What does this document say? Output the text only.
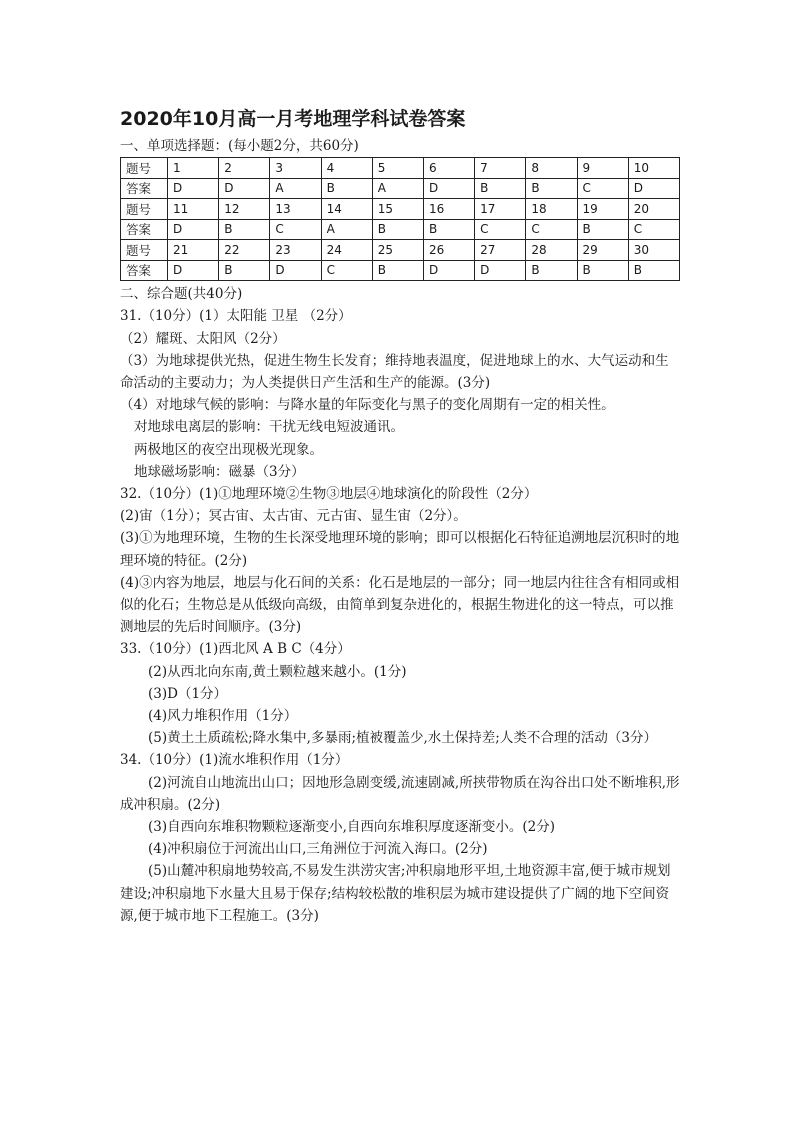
2020年10月高一月考地理学科试卷答案
一、单项选择题：(每小题2分，共60分)
题号	1	2	3	4	5	6	7	8	9	10
答案	D	D	A	B	A	D	B	B	C	D
题号	11	12	13	14	15	16	17	18	19	20
答案	D	B	C	A	B	B	C	C	B	C
题号	21	22	23	24	25	26	27	28	29	30
答案	D	B	D	C	B	D	D	B	B	B
二、综合题(共40分)
31.（10分）(1）太阳能 卫星 （2分）
（2）耀斑、太阳风（2分）
（3）为地球提供光热，促进生物生长发育；维持地表温度，促进地球上的水、大气运动和生命活动的主要动力；为人类提供日产生活和生产的能源。(3分)
（4）对地球气候的影响：与降水量的年际变化与黑子的变化周期有一定的相关性。
对地球电离层的影响：干扰无线电短波通讯。
两极地区的夜空出现极光现象。
地球磁场影响：磁暴（3分）
32.（10分）(1)①地理环境②生物③地层④地球演化的阶段性（2分）
(2)宙（1分）；冥古宙、太古宙、元古宙、显生宙（2分）。
(3)①为地理环境，生物的生长深受地理环境的影响；即可以根据化石特征追溯地层沉积时的地理环境的特征。(2分)
(4)③内容为地层，地层与化石间的关系：化石是地层的一部分；同一地层内往往含有相同或相似的化石；生物总是从低级向高级，由简单到复杂进化的，根据生物进化的这一特点，可以推测地层的先后时间顺序。(3分)
33.（10分）(1)西北风 A B C（4分）
(2)从西北向东南,黄土颗粒越来越小。(1分)
(3)D（1分）
(4)风力堆积作用（1分）
(5)黄土土质疏松;降水集中,多暴雨;植被覆盖少,水土保持差;人类不合理的活动（3分）
34.（10分）(1)流水堆积作用（1分）
(2)河流自山地流出山口；因地形急剧变缓,流速剧减,所挟带物质在沟谷出口处不断堆积,形成冲积扇。(2分)
(3)自西向东堆积物颗粒逐渐变小,自西向东堆积厚度逐渐变小。(2分)
(4)冲积扇位于河流出山口,三角洲位于河流入海口。(2分)
(5)山麓冲积扇地势较高,不易发生洪涝灾害;冲积扇地形平坦,土地资源丰富,便于城市规划建设;冲积扇地下水量大且易于保存;结构较松散的堆积层为城市建设提供了广阔的地下空间资源,便于城市地下工程施工。(3分)
